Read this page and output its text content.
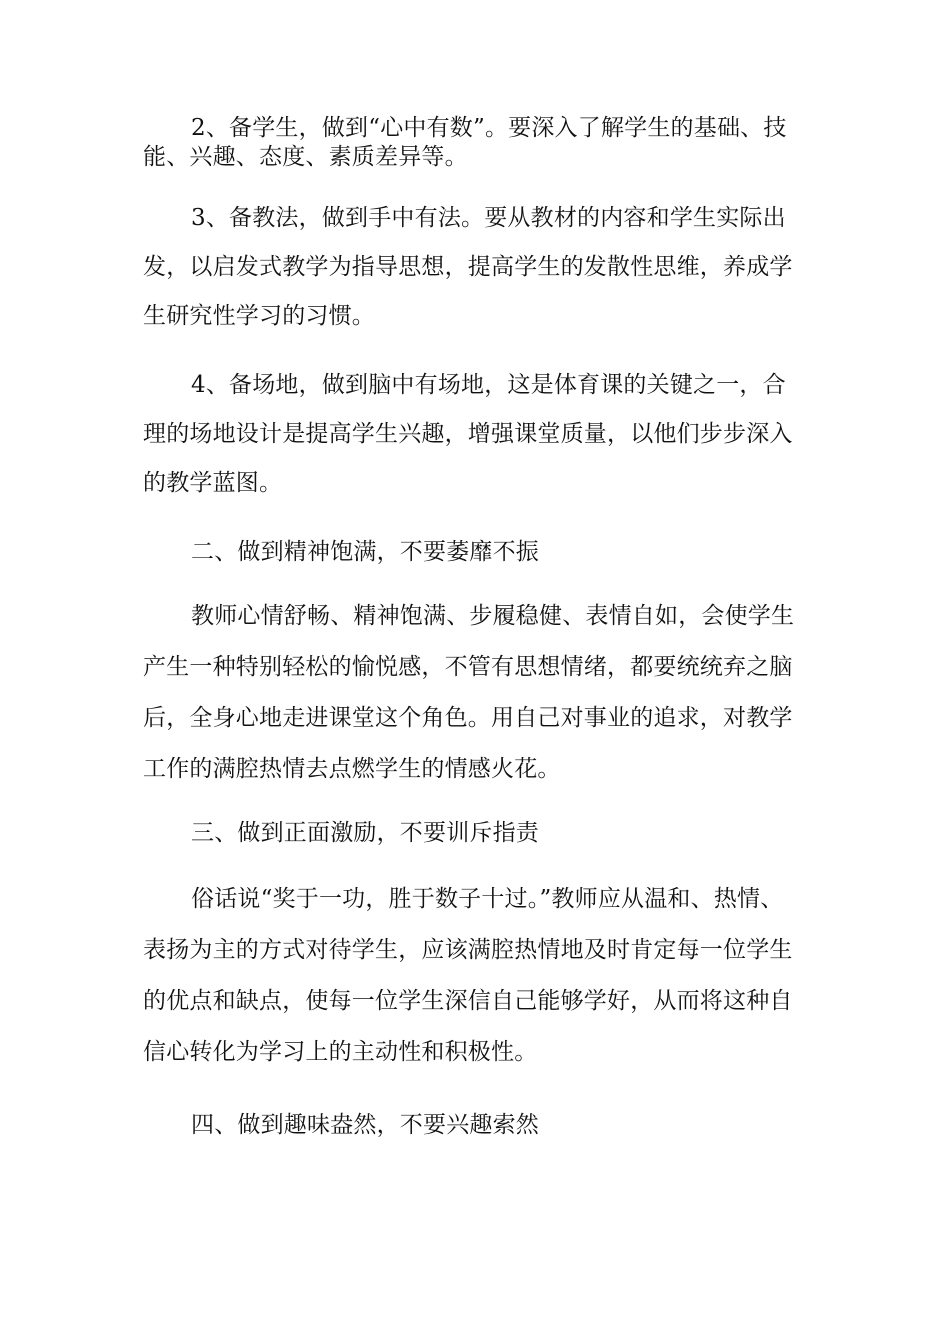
2、备学生，做到“心中有数”。要深入了解学生的基础、技
能、兴趣、态度、素质差异等。
3、备教法，做到手中有法。要从教材的内容和学生实际出
发，以启发式教学为指导思想，提高学生的发散性思维，养成学
生研究性学习的习惯。
4、备场地，做到脑中有场地，这是体育课的关键之一，合
理的场地设计是提高学生兴趣，增强课堂质量，以他们步步深入
的教学蓝图。
二、做到精神饱满，不要萎靡不振
教师心情舒畅、精神饱满、步履稳健、表情自如，会使学生
产生一种特别轻松的愉悦感，不管有思想情绪，都要统统弃之脑
后，全身心地走进课堂这个角色。用自己对事业的追求，对教学
工作的满腔热情去点燃学生的情感火花。
三、做到正面激励，不要训斥指责
俗话说“奖于一功，胜于数子十过。”教师应从温和、热情、
表扬为主的方式对待学生，应该满腔热情地及时肯定每一位学生
的优点和缺点，使每一位学生深信自己能够学好，从而将这种自
信心转化为学习上的主动性和积极性。
四、做到趣味盎然，不要兴趣索然
